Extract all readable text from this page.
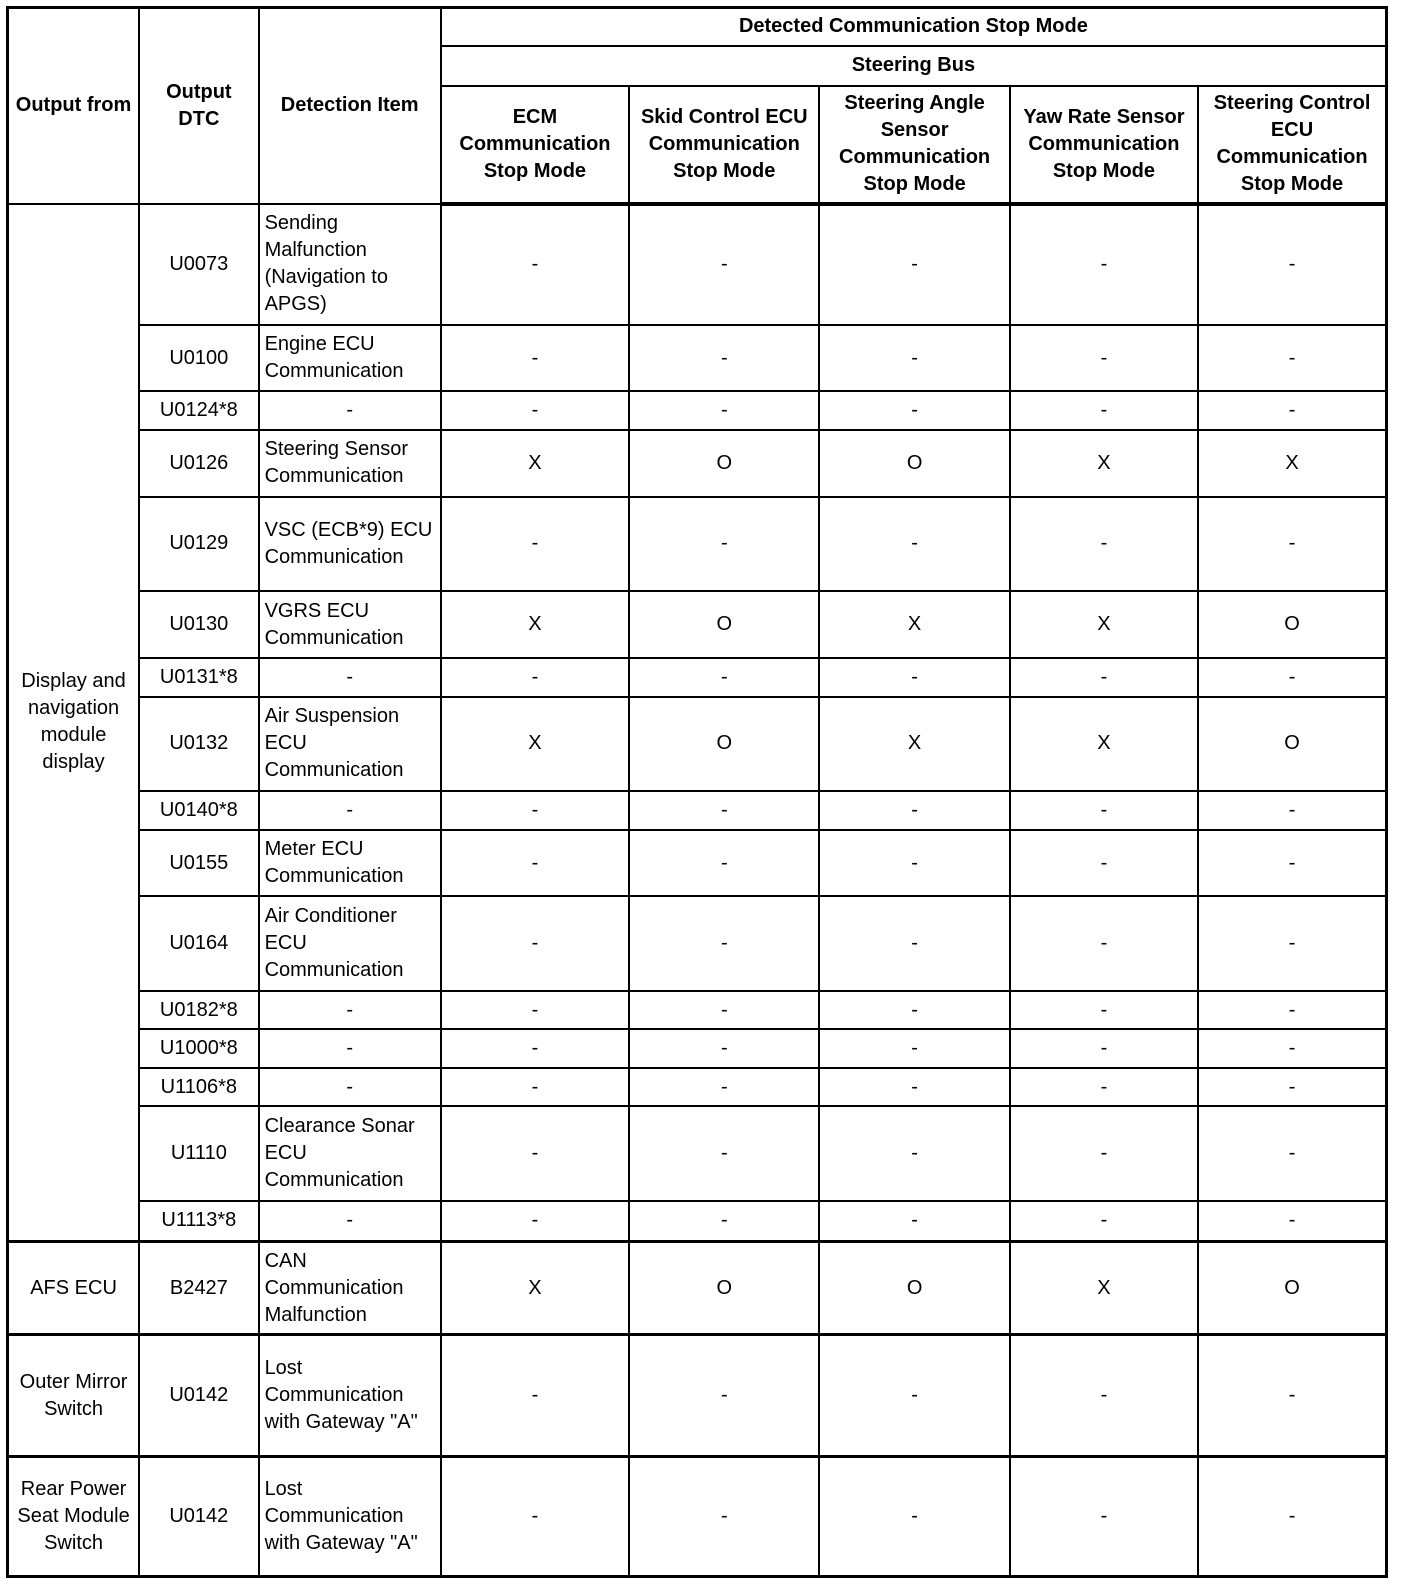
Output from	Output DTC	Detection Item	Detected Communication Stop Mode				
			Steering Bus				
			ECM Communication Stop Mode	Skid Control ECU Communication Stop Mode	Steering Angle Sensor Communication Stop Mode	Yaw Rate Sensor Communication Stop Mode	Steering Control ECU Communication Stop Mode
Display and navigation module display	U0073	Sending Malfunction (Navigation to APGS)	-	-	-	-	-
	U0100	Engine ECU Communication	-	-	-	-	-
	U0124*8	-	-	-	-	-	-
	U0126	Steering Sensor Communication	X	O	O	X	X
	U0129	VSC (ECB*9) ECU Communication	-	-	-	-	-
	U0130	VGRS ECU Communication	X	O	X	X	O
	U0131*8	-	-	-	-	-	-
	U0132	Air Suspension ECU Communication	X	O	X	X	O
	U0140*8	-	-	-	-	-	-
	U0155	Meter ECU Communication	-	-	-	-	-
	U0164	Air Conditioner ECU Communication	-	-	-	-	-
	U0182*8	-	-	-	-	-	-
	U1000*8	-	-	-	-	-	-
	U1106*8	-	-	-	-	-	-
	U1110	Clearance Sonar ECU Communication	-	-	-	-	-
	U1113*8	-	-	-	-	-	-
AFS ECU	B2427	CAN Communication Malfunction	X	O	O	X	O
Outer Mirror Switch	U0142	Lost Communication with Gateway "A"	-	-	-	-	-
Rear Power Seat Module Switch	U0142	Lost Communication with Gateway "A"	-	-	-	-	-
